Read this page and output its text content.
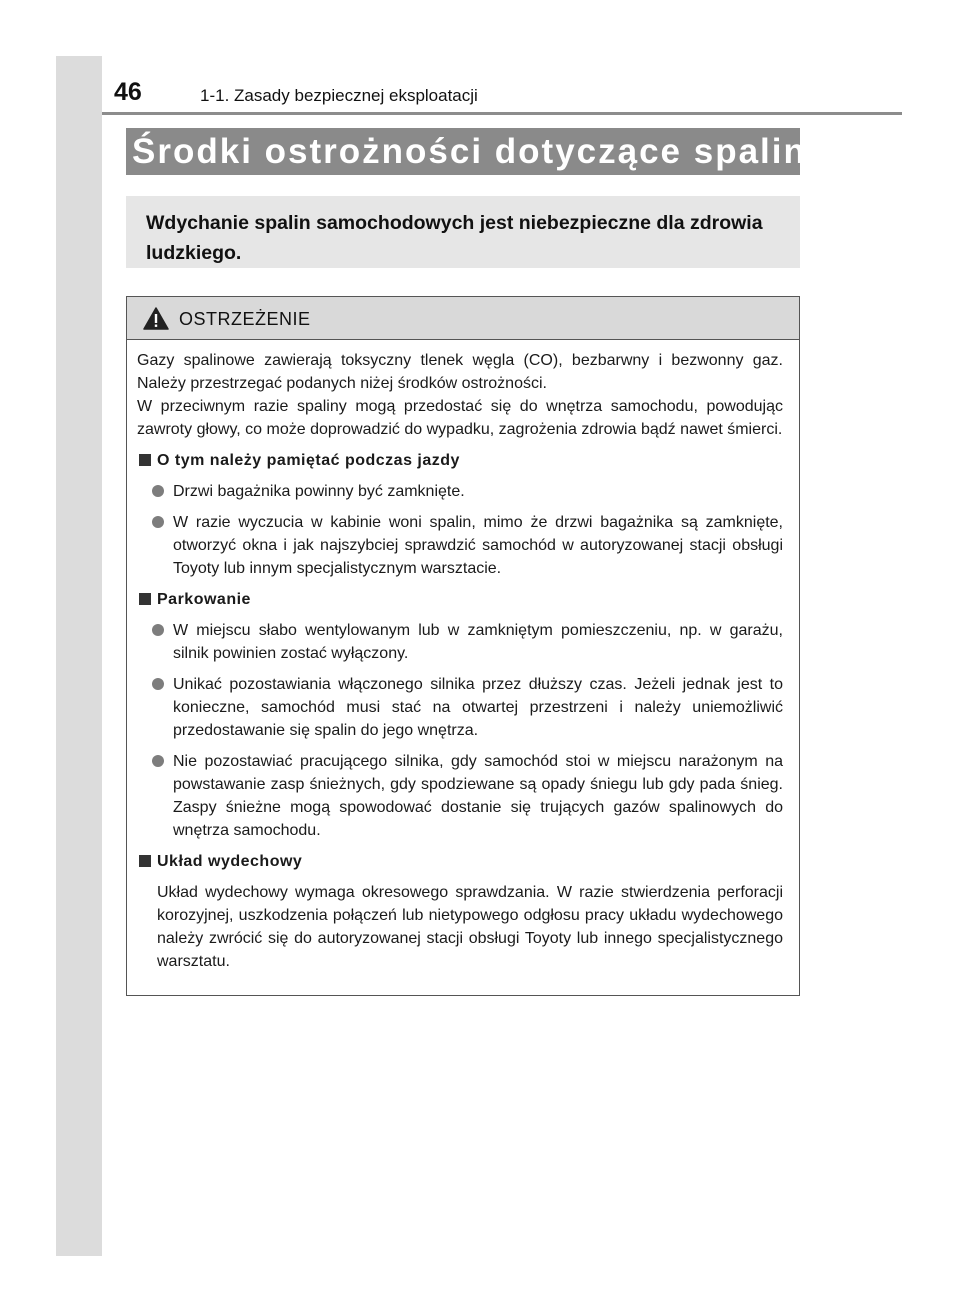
46	1-1. Zasady bezpiecznej eksploatacji
Środki ostrożności dotyczące spalin

Wdychanie spalin samochodowych jest niebezpieczne dla zdrowia ludzkiego.

OSTRZEŻENIE

Gazy spalinowe zawierają toksyczny tlenek węgla (CO), bezbarwny i bezwonny gaz. Należy przestrzegać podanych niżej środków ostrożności.

W przeciwnym razie spaliny mogą przedostać się do wnętrza samochodu, powodując zawroty głowy, co może doprowadzić do wypadku, zagrożenia zdrowia bądź nawet śmierci.

O tym należy pamiętać podczas jazdy
Drzwi bagażnika powinny być zamknięte.
W razie wyczucia w kabinie woni spalin, mimo że drzwi bagażnika są zamknięte, otworzyć okna i jak najszybciej sprawdzić samochód w autoryzowanej stacji obsługi Toyoty lub innym specjalistycznym warsztacie.
Parkowanie
W miejscu słabo wentylowanym lub w zamkniętym pomieszczeniu, np. w garażu, silnik powinien zostać wyłączony.
Unikać pozostawiania włączonego silnika przez dłuższy czas. Jeżeli jednak jest to konieczne, samochód musi stać na otwartej przestrzeni i należy uniemożliwić przedostawanie się spalin do jego wnętrza.
Nie pozostawiać pracującego silnika, gdy samochód stoi w miejscu narażonym na powstawanie zasp śnieżnych, gdy spodziewane są opady śniegu lub gdy pada śnieg. Zaspy śnieżne mogą spowodować dostanie się trujących gazów spalinowych do wnętrza samochodu.
Układ wydechowy
Układ wydechowy wymaga okresowego sprawdzania. W razie stwierdzenia perforacji korozyjnej, uszkodzenia połączeń lub nietypowego odgłosu pracy układu wydechowego należy zwrócić się do autoryzowanej stacji obsługi Toyoty lub innego specjalistycznego warsztatu.
